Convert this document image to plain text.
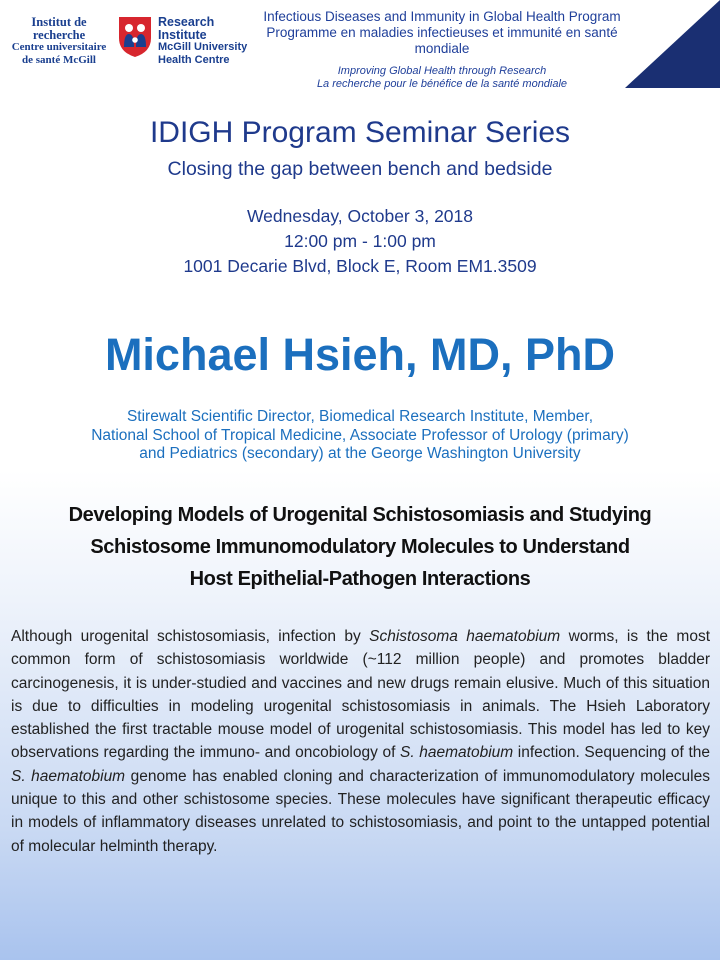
Institut de
recherche
Centre universitaire
de santé McGill
Research
Institute
McGill University
Health Centre
Infectious Diseases and Immunity in Global Health Program
Programme en maladies infectieuses et immunité en santé mondiale
Improving Global Health through Research
La recherche pour le bénéfice de la santé mondiale
IDIGH Program Seminar Series
Closing the gap between bench and bedside
Wednesday, October 3, 2018
12:00 pm - 1:00 pm
1001 Decarie Blvd, Block E, Room EM1.3509
Michael Hsieh, MD, PhD
Stirewalt Scientific Director, Biomedical Research Institute, Member,
National School of Tropical Medicine, Associate Professor of Urology (primary)
and Pediatrics (secondary) at the George Washington University
Developing Models of Urogenital Schistosomiasis and Studying
Schistosome Immunomodulatory Molecules to Understand
Host Epithelial-Pathogen Interactions
Although urogenital schistosomiasis, infection by Schistosoma haematobium worms, is the most common form of schistosomiasis worldwide (~112 million people) and promotes bladder carcinogenesis, it is under-studied and vaccines and new drugs remain elusive. Much of this situation is due to difficulties in modeling urogenital schistosomiasis in animals. The Hsieh Laboratory established the first tractable mouse model of urogenital schistosomiasis. This model has led to key observations regarding the immuno- and oncobiology of S. haematobium infection. Sequencing of the S. haematobium genome has enabled cloning and characterization of immunomodulatory molecules unique to this and other schistosome species. These molecules have significant therapeutic efficacy in models of inflammatory diseases unrelated to schistosomiasis, and point to the untapped potential of molecular helminth therapy.
